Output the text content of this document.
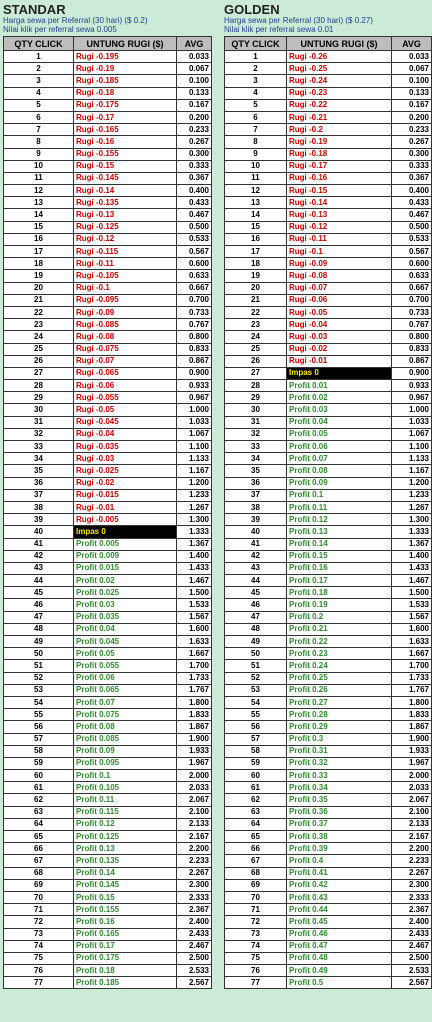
STANDAR
Harga sewa per Referral (30 hari) ($ 0.2)
Nilai klik per referral sewa 0.005
QTY CLICK	UNTUNG RUGI ($)	AVG
1	Rugi -0.195	0.033
2	Rugi -0.19	0.067
3	Rugi -0.185	0.100
4	Rugi -0.18	0.133
5	Rugi -0.175	0.167
6	Rugi -0.17	0.200
7	Rugi -0.165	0.233
8	Rugi -0.16	0.267
9	Rugi -0.155	0.300
10	Rugi -0.15	0.333
11	Rugi -0.145	0.367
12	Rugi -0.14	0.400
13	Rugi -0.135	0.433
14	Rugi -0.13	0.467
15	Rugi -0.125	0.500
16	Rugi -0.12	0.533
17	Rugi -0.115	0.567
18	Rugi -0.11	0.600
19	Rugi -0.105	0.633
20	Rugi -0.1	0.667
21	Rugi -0.095	0.700
22	Rugi -0.09	0.733
23	Rugi -0.085	0.767
24	Rugi -0.08	0.800
25	Rugi -0.075	0.833
26	Rugi -0.07	0.867
27	Rugi -0.065	0.900
28	Rugi -0.06	0.933
29	Rugi -0.055	0.967
30	Rugi -0.05	1.000
31	Rugi -0.045	1.033
32	Rugi -0.04	1.067
33	Rugi -0.035	1.100
34	Rugi -0.03	1.133
35	Rugi -0.025	1.167
36	Rugi -0.02	1.200
37	Rugi -0.015	1.233
38	Rugi -0.01	1.267
39	Rugi -0.005	1.300
40	Impas 0	1.333
41	Profit 0.005	1.367
42	Profit 0.009	1.400
43	Profit 0.015	1.433
44	Profit 0.02	1.467
45	Profit 0.025	1.500
46	Profit 0.03	1.533
47	Profit 0.035	1.567
48	Profit 0.04	1.600
49	Profit 0.045	1.633
50	Profit 0.05	1.667
51	Profit 0.055	1.700
52	Profit 0.06	1.733
53	Profit 0.065	1.767
54	Profit 0.07	1.800
55	Profit 0.075	1.833
56	Profit 0.08	1.867
57	Profit 0.085	1.900
58	Profit 0.09	1.933
59	Profit 0.095	1.967
60	Profit 0.1	2.000
61	Profit 0.105	2.033
62	Profit 0.11	2.067
63	Profit 0.115	2.100
64	Profit 0.12	2.133
65	Profit 0.125	2.167
66	Profit 0.13	2.200
67	Profit 0.135	2.233
68	Profit 0.14	2.267
69	Profit 0.145	2.300
70	Profit 0.15	2.333
71	Profit 0.155	2.367
72	Profit 0.16	2.400
73	Profit 0.165	2.433
74	Profit 0.17	2.467
75	Profit 0.175	2.500
76	Profit 0.18	2.533
77	Profit 0.185	2.567
GOLDEN
Harga sewa per Referral (30 hari) ($ 0.27)
Nilai klik per referral sewa 0.01
QTY CLICK	UNTUNG RUGI ($)	AVG
1	Rugi -0.26	0.033
2	Rugi -0.25	0.067
3	Rugi -0.24	0.100
4	Rugi -0.23	0.133
5	Rugi -0.22	0.167
6	Rugi -0.21	0.200
7	Rugi -0.2	0.233
8	Rugi -0.19	0.267
9	Rugi -0.18	0.300
10	Rugi -0.17	0.333
11	Rugi -0.16	0.367
12	Rugi -0.15	0.400
13	Rugi -0.14	0.433
14	Rugi -0.13	0.467
15	Rugi -0.12	0.500
16	Rugi -0.11	0.533
17	Rugi -0.1	0.567
18	Rugi -0.09	0.600
19	Rugi -0.08	0.633
20	Rugi -0.07	0.667
21	Rugi -0.06	0.700
22	Rugi -0.05	0.733
23	Rugi -0.04	0.767
24	Rugi -0.03	0.800
25	Rugi -0.02	0.833
26	Rugi -0.01	0.867
27	Impas 0	0.900
28	Profit 0.01	0.933
29	Profit 0.02	0.967
30	Profit 0.03	1.000
31	Profit 0.04	1.033
32	Profit 0.05	1.067
33	Profit 0.06	1.100
34	Profit 0.07	1.133
35	Profit 0.08	1.167
36	Profit 0.09	1.200
37	Profit 0.1	1.233
38	Profit 0.11	1.267
39	Profit 0.12	1.300
40	Profit 0.13	1.333
41	Profit 0.14	1.367
42	Profit 0.15	1.400
43	Profit 0.16	1.433
44	Profit 0.17	1.467
45	Profit 0.18	1.500
46	Profit 0.19	1.533
47	Profit 0.2	1.567
48	Profit 0.21	1.600
49	Profit 0.22	1.633
50	Profit 0.23	1.667
51	Profit 0.24	1.700
52	Profit 0.25	1.733
53	Profit 0.26	1.767
54	Profit 0.27	1.800
55	Profit 0.28	1.833
56	Profit 0.29	1.867
57	Profit 0.3	1.900
58	Profit 0.31	1.933
59	Profit 0.32	1.967
60	Profit 0.33	2.000
61	Profit 0.34	2.033
62	Profit 0.35	2.067
63	Profit 0.36	2.100
64	Profit 0.37	2.133
65	Profit 0.38	2.167
66	Profit 0.39	2.200
67	Profit 0.4	2.233
68	Profit 0.41	2.267
69	Profit 0.42	2.300
70	Profit 0.43	2.333
71	Profit 0.44	2.367
72	Profit 0.45	2.400
73	Profit 0.46	2.433
74	Profit 0.47	2.467
75	Profit 0.48	2.500
76	Profit 0.49	2.533
77	Profit 0.5	2.567
